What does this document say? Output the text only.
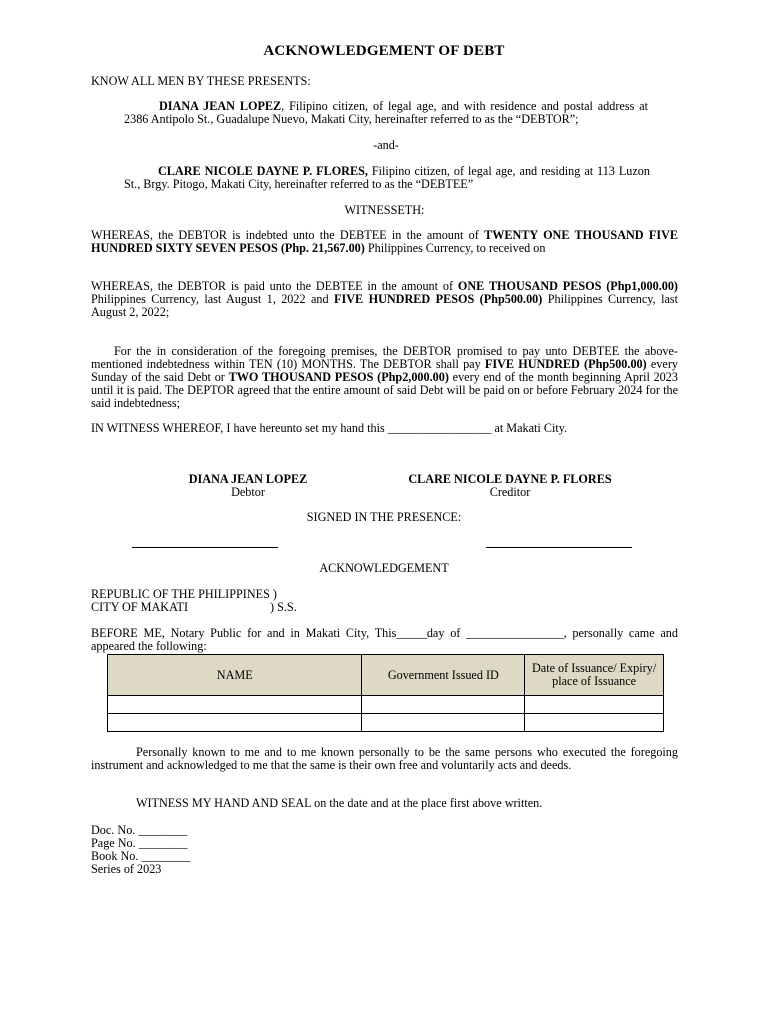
ACKNOWLEDGEMENT OF DEBT

KNOW ALL MEN BY THESE PRESENTS:

DIANA JEAN LOPEZ, Filipino citizen, of legal age, and with residence and postal address at 2386 Antipolo St., Guadalupe Nuevo, Makati City, hereinafter referred to as the “DEBTOR”;

-and-

CLARE NICOLE DAYNE P. FLORES, Filipino citizen, of legal age, and residing at 113 Luzon St., Brgy. Pitogo, Makati City, hereinafter referred to as the “DEBTEE”

WITNESSETH:

WHEREAS, the DEBTOR is indebted unto the DEBTEE in the amount of TWENTY ONE THOUSAND FIVE HUNDRED SIXTY SEVEN PESOS (Php. 21,567.00) Philippines Currency, to received on

WHEREAS, the DEBTOR is paid unto the DEBTEE in the amount of ONE THOUSAND PESOS (Php1,000.00) Philippines Currency, last August 1, 2022 and FIVE HUNDRED PESOS (Php500.00) Philippines Currency, last August 2, 2022;

For the in consideration of the foregoing premises, the DEBTOR promised to pay unto DEBTEE the above-mentioned indebtedness within TEN (10) MONTHS. The DEBTOR shall pay FIVE HUNDRED (Php500.00) every Sunday of the said Debt or TWO THOUSAND PESOS (Php2,000.00) every end of the month beginning April 2023 until it is paid. The DEPTOR agreed that the entire amount of said Debt will be paid on or before February 2024 for the said indebtedness;

IN WITNESS WHEREOF, I have hereunto set my hand this _________________ at Makati City.

DIANA JEAN LOPEZ
Debtor
CLARE NICOLE DAYNE P. FLORES
Creditor

SIGNED IN THE PRESENCE:

ACKNOWLEDGEMENT

REPUBLIC OF THE PHILIPPINES )

CITY OF MAKATI	) S.S.

BEFORE ME, Notary Public for and in Makati City, This_____day of ________________, personally came and appeared the following:

NAME	Government Issued ID	Date of Issuance/ Expiry/ place of Issuance

Personally known to me and to me known personally to be the same persons who executed the foregoing instrument and acknowledged to me that the same is their own free and voluntarily acts and deeds.

WITNESS MY HAND AND SEAL on the date and at the place first above written.

Doc. No. ________
Page No. ________
Book No. ________
Series of 2023
